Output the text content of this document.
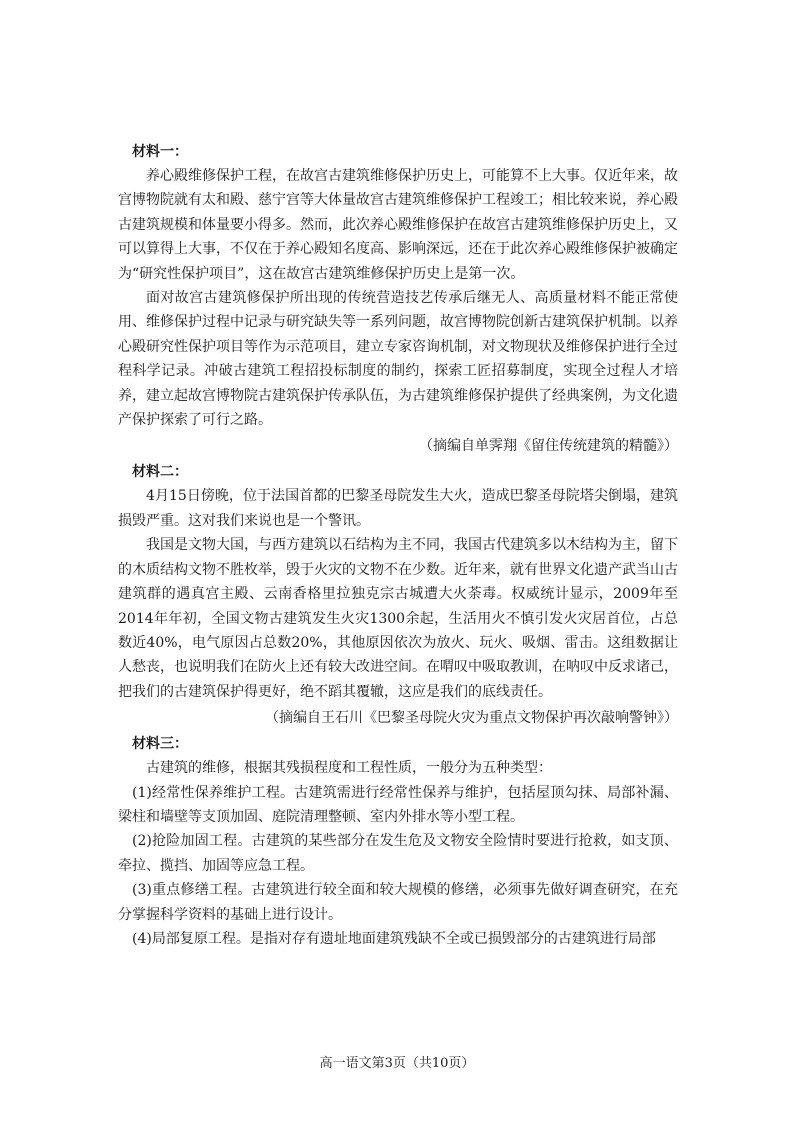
材料一：

养心殿维修保护工程，在故宫古建筑维修保护历史上，可能算不上大事。仅近年来，故宫博物院就有太和殿、慈宁宫等大体量故宫古建筑维修保护工程竣工；相比较来说，养心殿古建筑规模和体量要小得多。然而，此次养心殿维修保护在故宫古建筑维修保护历史上，又可以算得上大事，不仅在于养心殿知名度高、影响深远，还在于此次养心殿维修保护被确定为“研究性保护项目”，这在故宫古建筑维修保护历史上是第一次。

面对故宫古建筑修保护所出现的传统营造技艺传承后继无人、高质量材料不能正常使用、维修保护过程中记录与研究缺失等一系列问题，故宫博物院创新古建筑保护机制。以养心殿研究性保护项目等作为示范项目，建立专家咨询机制，对文物现状及维修保护进行全过程科学记录。冲破古建筑工程招投标制度的制约，探索工匠招募制度，实现全过程人才培养，建立起故宫博物院古建筑保护传承队伍，为古建筑维修保护提供了经典案例，为文化遗产保护探索了可行之路。

（摘编自单霁翔《留住传统建筑的精髓》）
材料二：

4月15日傍晚，位于法国首都的巴黎圣母院发生大火，造成巴黎圣母院塔尖倒塌，建筑损毁严重。这对我们来说也是一个警讯。

我国是文物大国，与西方建筑以石结构为主不同，我国古代建筑多以木结构为主，留下的木质结构文物不胜枚举，毁于火灾的文物不在少数。近年来，就有世界文化遗产武当山古建筑群的遇真宫主殿、云南香格里拉独克宗古城遭大火荼毒。权威统计显示，2009年至2014年年初，全国文物古建筑发生火灾1300余起，生活用火不慎引发火灾居首位，占总数近40%，电气原因占总数20%，其他原因依次为放火、玩火、吸烟、雷击。这组数据让人愁丧，也说明我们在防火上还有较大改进空间。在喟叹中吸取教训，在呐叹中反求诸己，把我们的古建筑保护得更好，绝不蹈其覆辙，这应是我们的底线责任。

（摘编自王石川《巴黎圣母院火灾为重点文物保护再次敲响警钟》）
材料三：

古建筑的维修，根据其残损程度和工程性质，一般分为五种类型：

(1)经常性保养维护工程。古建筑需进行经常性保养与维护，包括屋顶勾抹、局部补漏、梁柱和墙壁等支顶加固、庭院清理整顿、室内外排水等小型工程。

(2)抢险加固工程。古建筑的某些部分在发生危及文物安全险情时要进行抢救，如支顶、牵拉、揽挡、加固等应急工程。

(3)重点修缮工程。古建筑进行较全面和较大规模的修缮，必须事先做好调查研究，在充分掌握科学资料的基础上进行设计。

(4)局部复原工程。是指对存有遗址地面建筑残缺不全或已损毁部分的古建筑进行局部

高一语文第3页（共10页）
